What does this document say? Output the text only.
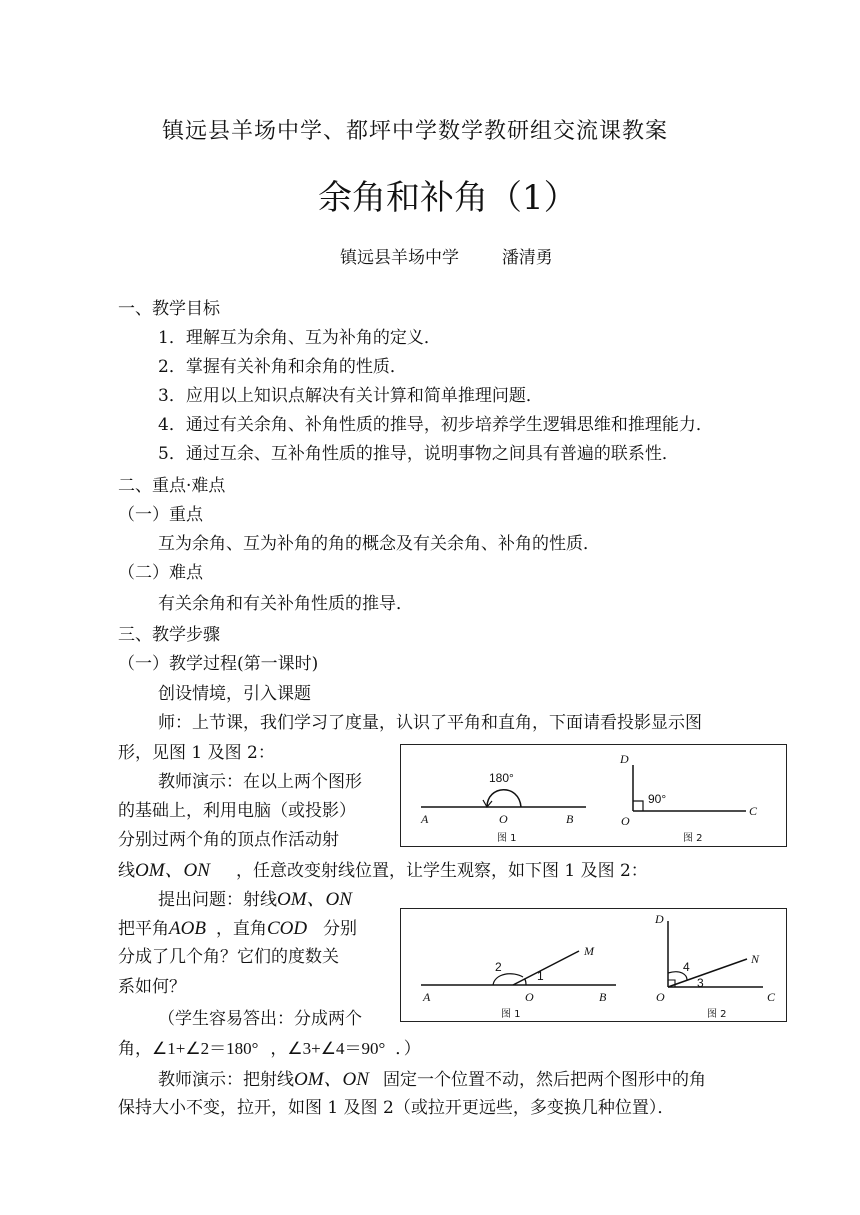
镇远县羊场中学、都坪中学数学教研组交流课教案
余角和补角（1）
镇远县羊场中学	潘清勇
一、教学目标
1．理解互为余角、互为补角的定义．
2．掌握有关补角和余角的性质．
3．应用以上知识点解决有关计算和简单推理问题．
4．通过有关余角、补角性质的推导，初步培养学生逻辑思维和推理能力．
5．通过互余、互补角性质的推导，说明事物之间具有普遍的联系性．
二、重点·难点
（一）重点
互为余角、互为补角的角的概念及有关余角、补角的性质．
（二）难点
有关余角和有关补角性质的推导．
三、教学步骤
（一）教学过程(第一课时)
创设情境，引入课题
师：上节课，我们学习了度量，认识了平角和直角，下面请看投影显示图
形，见图 1 及图 2：
教师演示：在以上两个图形
的基础上，利用电脑（或投影）
分别过两个角的顶点作活动射
线OM、ON ，任意改变射线位置，让学生观察，如下图 1 及图 2：
提出问题：射线OM、ON
把平角AOB ，直角COD 分别
分成了几个角？它们的度数关
系如何？
（学生容易答出：分成两个
角，∠1+∠2＝180° ，∠3+∠4＝90° ．）
教师演示：把射线OM、ON 固定一个位置不动，然后把两个图形中的角
保持大小不变，拉开，如图 1 及图 2（或拉开更远些，多变换几种位置）．
180°
A	O	B
图 1
90°
D
O
C
图 2
2
1
M
A	O	B
图 1
4
3
D
O	C
N
图 2
